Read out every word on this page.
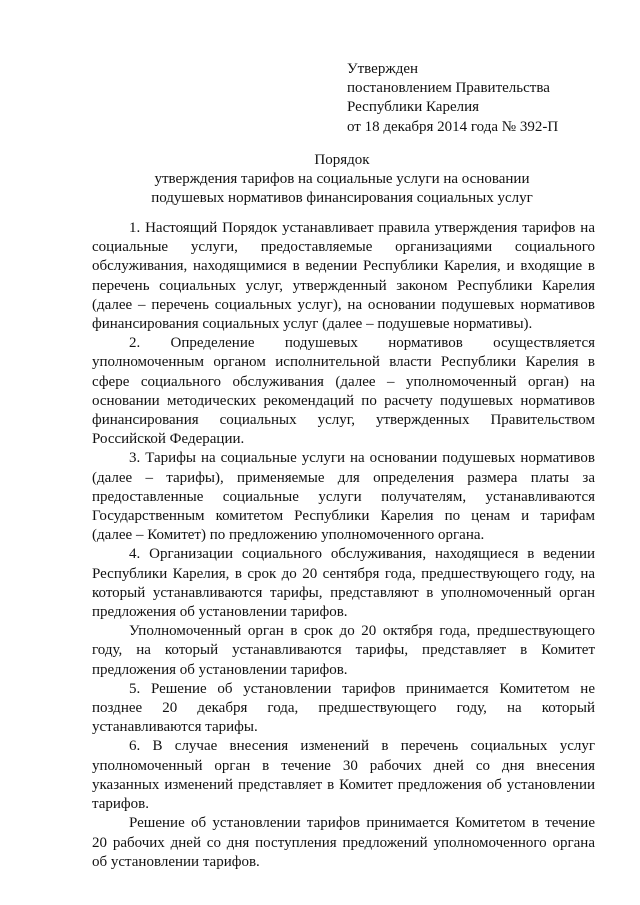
Утвержден
постановлением Правительства
Республики Карелия
от 18 декабря 2014 года № 392-П
Порядок
утверждения тарифов на социальные услуги на основании
подушевых нормативов финансирования социальных услуг

1. Настоящий Порядок устанавливает правила утверждения тарифов на
социальные услуги, предоставляемые организациями социального
обслуживания, находящимися в ведении Республики Карелия, и входящие в
перечень социальных услуг, утвержденный законом Республики Карелия
(далее – перечень социальных услуг), на основании подушевых нормативов
финансирования социальных услуг (далее – подушевые нормативы).

2. Определение подушевых нормативов осуществляется
уполномоченным органом исполнительной власти Республики Карелия в
сфере социального обслуживания (далее – уполномоченный орган) на
основании методических рекомендаций по расчету подушевых нормативов
финансирования социальных услуг, утвержденных Правительством
Российской Федерации.

3. Тарифы на социальные услуги на основании подушевых нормативов
(далее – тарифы), применяемые для определения размера платы за
предоставленные социальные услуги получателям, устанавливаются
Государственным комитетом Республики Карелия по ценам и тарифам
(далее – Комитет) по предложению уполномоченного органа.

4. Организации социального обслуживания, находящиеся в ведении
Республики Карелия, в срок до 20 сентября года, предшествующего году, на
который устанавливаются тарифы, представляют в уполномоченный орган
предложения об установлении тарифов.

Уполномоченный орган в срок до 20 октября года, предшествующего
году, на который устанавливаются тарифы, представляет в Комитет
предложения об установлении тарифов.

5. Решение об установлении тарифов принимается Комитетом не
позднее 20 декабря года, предшествующего году, на который
устанавливаются тарифы.

6. В случае внесения изменений в перечень социальных услуг
уполномоченный орган в течение 30 рабочих дней со дня внесения
указанных изменений представляет в Комитет предложения об установлении
тарифов.

Решение об установлении тарифов принимается Комитетом в течение
20 рабочих дней со дня поступления предложений уполномоченного органа
об установлении тарифов.
